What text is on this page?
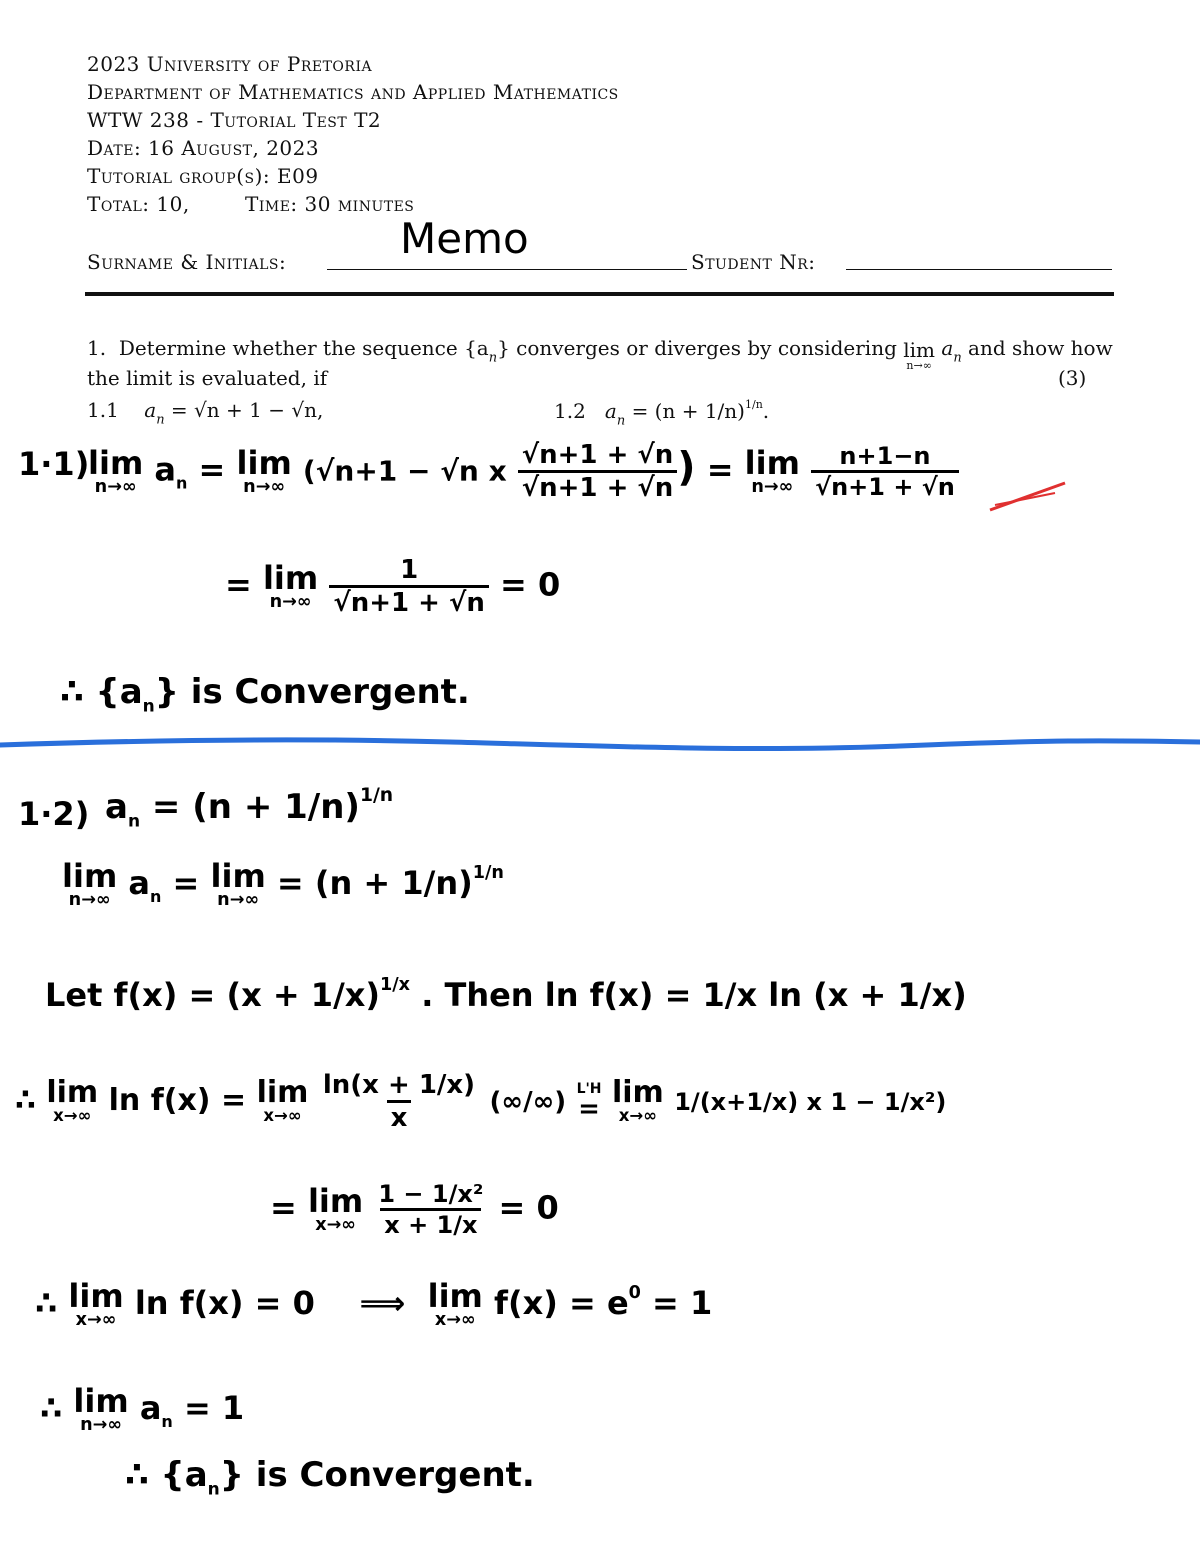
2023 University of Pretoria
Department of Mathematics and Applied Mathematics
WTW 238 - Tutorial Test T2
Date: 16 August, 2023
Tutorial group(s): E09
Total: 10,	Time: 30 minutes
Surname & Initials:	Memo	Student Nr:
1. Determine whether the sequence $\{a_n\}$ converges or diverges by considering lim
n→∞
$a_n$ and show how
the limit is evaluated, if	(3)
1.1 $a_n = √n + 1 - √n$,	1.2 $a_n = (n + 1/n)^{1/n}$.
1·1)
lim
n→∞ $a_n = \lim$
n→∞ (√n+1 − √n x $\frac{√n+1 + √n}{√n+1 + √n}$ ) = lim
n→∞
$\frac{n+1-n}{√n+1 + √n}$
= lim
n→∞
$\frac{1}{√n+1 + √n} = 0$
∴ $\{a_n\}$ is Convergent.
1·2) $a_n = (n + 1/n)^{1/n}$
lim
n→∞ $a_n = \lim$
$n\to\infty = (n + 1/n)^{1/n}$
Let $f(x) = (x + 1/x)^{1/x}$ . Then ln f(x) = 1/x ln (x + 1/x)
∴ lim
x→∞ ln f(x) = lim
x→∞
$\frac{\ln(x + 1/x)}{x}$ (∞/∞) L'H
=
lim
x→∞ 1/(x+1/x) x 1 − 1/x²)
= lim
x→∞
$\frac{\text{1 − 1/x²}}{x + 1/x} = 0$
∴ lim
x→∞ ln f(x) = 0 ⟹ lim
x→∞ $f(x) = e^0 = 1$
∴ lim
n→∞ $a_n = 1$
∴ $\{a_n\}$ is Convergent.
